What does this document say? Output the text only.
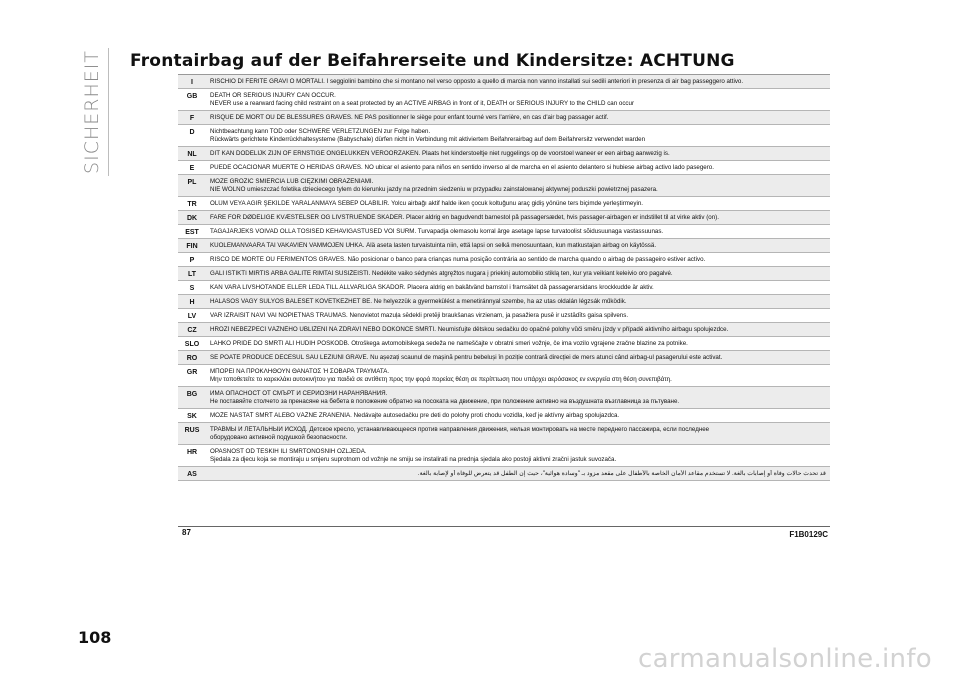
SICHERHEIT Frontairbag auf der Beifahrerseite und Kindersitze: ACHTUNG
I	RISCHIO DI FERITE GRAVI O MORTALI. I seggiolini bambino che si montano nel verso opposto a quello di marcia non vanno installati sui sedili anteriori in presenza di air bag passeggero attivo.
GB	DEATH OR SERIOUS INJURY CAN OCCUR.
NEVER use a rearward facing child restraint on a seat protected by an ACTIVE AIRBAG in front of it, DEATH or SERIOUS INJURY to the CHILD can occur
F	RISQUE DE MORT OU DE BLESSURES GRAVES. NE PAS positionner le siège pour enfant tourné vers l'arrière, en cas d'air bag passager actif.
D	Nichtbeachtung kann TOD oder SCHWERE VERLETZUNGEN zur Folge haben.
Rückwärts gerichtete Kinderrückhaltesysteme (Babyschale) dürfen nicht in Verbindung mit aktiviertem Beifahrerairbag auf dem Beifahrersitz verwendet warden
NL	DIT KAN DODELIJK ZIJN OF ERNSTIGE ONGELUKKEN VEROORZAKEN. Plaats het kinderstoeltje niet ruggelings op de voorstoel waneer er een airbag aanwezig is.
E	PUEDE OCACIONAR MUERTE O HERIDAS GRAVES. NO ubicar el asiento para niños en sentido inverso al de marcha en el asiento delantero si hubiese airbag activo lado pasegero.
PL	MOŻE GROZIĆ ŚMIERCIA LUB CIĘŻKIMI OBRAŻENIAMI.
NIE WOLNO umieszczać foletika dzieciecego tylem do kierunku jazdy na przednim siedzeniu w przypadku zainstalowanej aktywnej poduszki powietrznej pasazera.
TR	ÖLÜM VEYA AĞIR ŞEKİLDE YARALANMAYA SEBEP OLABİLİR. Yolcu airbağı aktif halde iken çocuk koltuğunu araç gidiş yönüne ters biçimde yerleştirmeyin.
DK	FARE FOR DØDELIGE KVÆSTELSER OG LIVSTRUENDE SKADER. Placer aldrig en bagudvendt barnestol på passagersædet, hvis passager-airbagen er indstillet til at virke aktiv (on).
EST	TAGAJÄRJEKS VÕIVAD OLLA TÕSISED KEHAVIGASTUSED VÕI SURM. Turvapadja olemasolu korral ärge asetage lapse turvatoolist sõidusuunaga vastassuunas.
FIN	KUOLEMANVAARA TAI VAKAVIEN VAMMOJEN UHKA. Älä aseta lasten turvaistuinta niin, että lapsi on selkä menosuuntaan, kun matkustajan airbag on käytössä.
P	RISCO DE MORTE OU FERIMENTOS GRAVES. Não posicionar o banco para crianças numa posição contrária ao sentido de marcha quando o airbag de passageiro estiver activo.
LT	GALI IŠTIKTI MIRTIS ARBA GALITE RIMTAI SUSIŽEISTI. Nedėkite vaiko sėdynės atgręžtos nugara į priekinį automobilio stiklą ten, kur yra veikiant keleivio oro pagalvė.
S	KAN VARA LIVSHOTANDE ELLER LEDA TILL ALLVARLIGA SKADOR. Placera aldrig en bakåtvänd barnstol i framsätet då passagerarsidans krockkudde är aktiv.
H	HALÁSOS VAGY SÚLYOS BALESET KÖVETKEZHET BE. Ne helyezzük a gyermekülést a menetiránnyal szembe, ha az utas oldalán légzsák működik.
LV	VAR IZRAISĪT NĀVI VAI NOPIETNAS TRAUMAS. Nenovietot mazuļa sēdekli pretēji braukšanas virzienam, ja pasažiera pusē ir uzstādīts gaisa spilvens.
CZ	HROZÍ NEBEZPEČÍ VÁŽNÉHO UBLÍŽENÍ NA ZDRAVÍ NEBO DOKONCE SMRTI. Neumisťujte dětskou sedačku do opačné polohy vůči směru jízdy v případě aktivního airbagu spolujezdce.
SLO	LAHKO PRIDE DO SMRTI ALI HUDIH POŠKODB. Otroškega avtomobilskega sedeža ne nameščajte v obratni smeri vožnje, če ima vozilo vgrajene zračne blazine za potnike.
RO	SE POATE PRODUCE DECESUL SAU LEZIUNI GRAVE. Nu așezați scaunul de mașină pentru bebeluși în poziție contrară direcției de mers atunci când airbag-ul pasagerului este activat.
GR	ΜΠΟΡΕΙ ΝΑ ΠΡΟΚΛΗΘΟΥΝ ΘΑΝΑΤΟΣ Ή ΣΟΒΑΡΑ ΤΡΑΥΜΑΤΑ.
Μην τοποθετείτε το καρεκλάκι αυτοκινήτου για παιδιά σε αντίθετη προς την φορά πορείας θέση σε περίπτωση που υπάρχει αερόσακος εν ενεργεία στη θέση συνεπιβάτη.
BG	ИМА ОПАСНОСТ ОТ СМЪРТ И СЕРИОЗНИ НАРАНЯВАНИЯ.
Не поставяйте столчето за пренасяне на бебета в положение обратно на посоката на движение, при положение активно на въздушната възглавница за пътуване.
SK	MÔŽE NASTAŤ SMRŤ ALEBO VÁŽNE ZRANENIA. Nedávajte autosedačku pre deti do polohy proti chodu vozidla, keď je aktívny airbag spolujazdca.
RUS	ТРАВМЫ И ЛЕТАЛЬНЫЙ ИСХОД. Детское кресло, устанавливающееся против направления движения, нельзя монтировать на месте переднего пассажира, если последнее
оборудовано активной подушкой безопасности.
HR	OPASNOST OD TEŠKIH ILI SMRTONOSNIH OZLJEDA.
Sjedala za djecu koja se montiraju u smjeru suprotnom od vožnje ne smiju se instalirati na prednja sjedala ako postoji aktivni zračni jastuk suvozača.
AS	قد تحدث حالات وفاة أو إصابات بالغة. لا تستخدم مقاعد الأمان الخاصة بالأطفال على مقعد مزود بـ "وسادة هوائية"، حيث إن الطفل قد يتعرض للوفاة أو لإصابة بالغة.
87	F1B0129C
108
carmanualsonline.info
